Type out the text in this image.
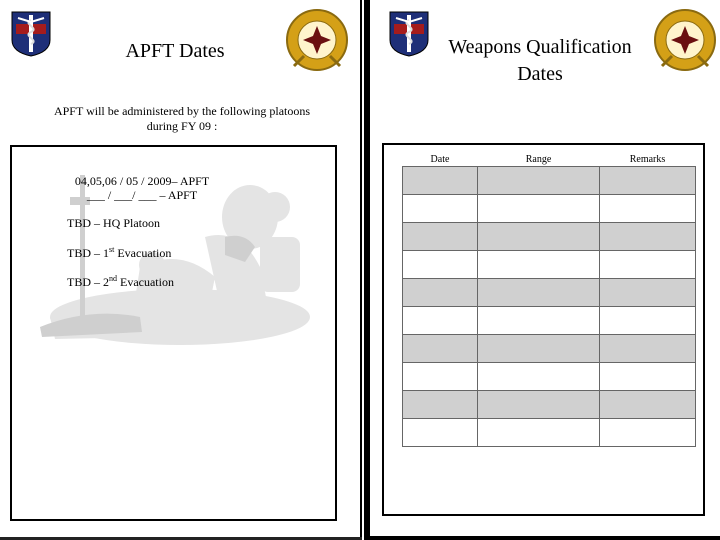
APFT Dates
APFT will be administered by the following platoons
during FY 09 :
04,05,06 / 05 / 2009– APFT
___ / ___/ ___ – APFT
TBD – HQ Platoon
TBD – 1st Evacuation
TBD – 2nd Evacuation
Weapons Qualification
Dates
Date	Range	Remarks
